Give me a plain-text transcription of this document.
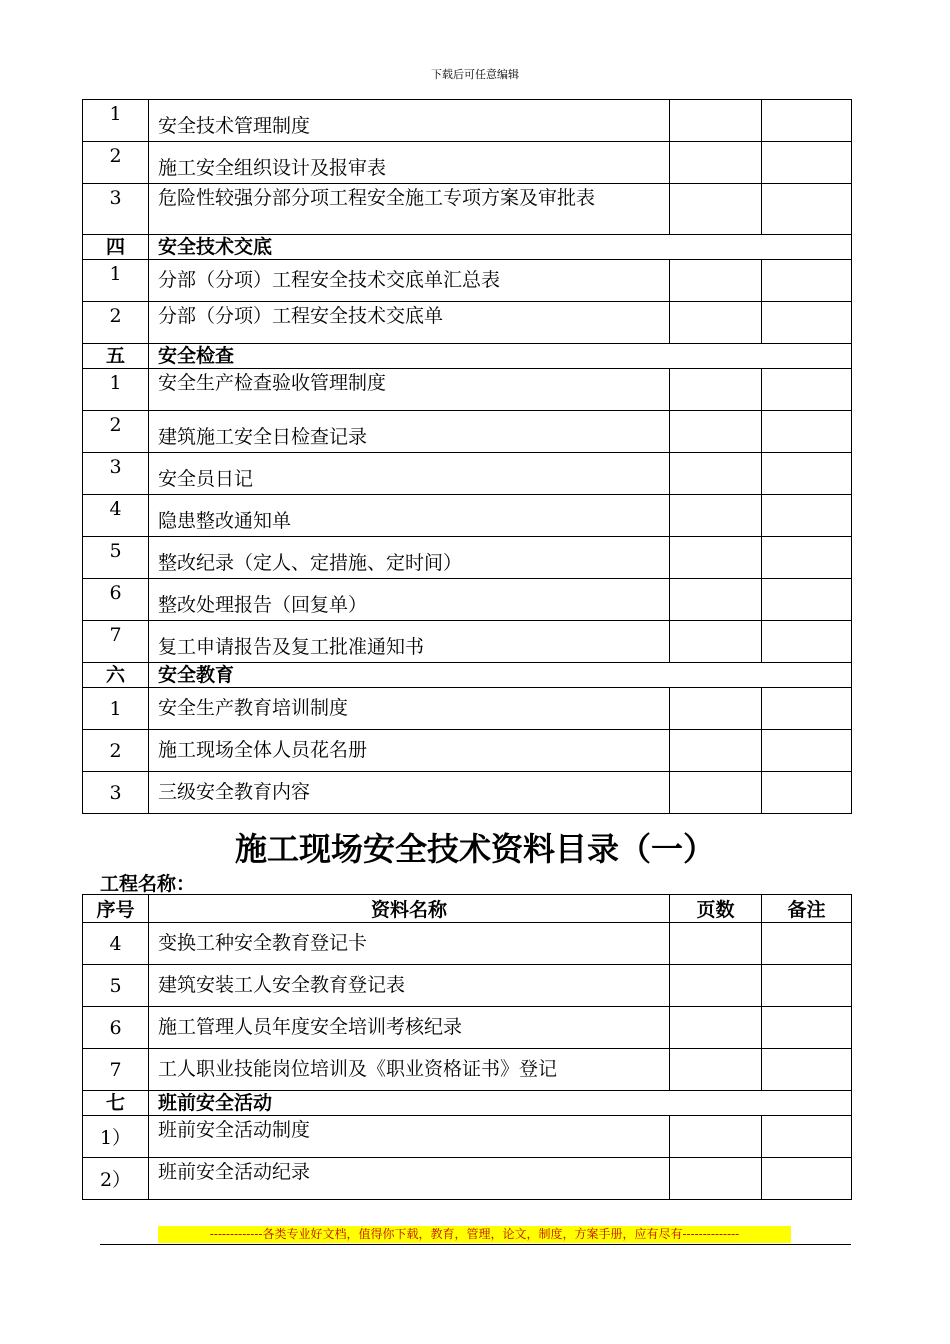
下载后可任意编辑
1	安全技术管理制度		
2	施工安全组织设计及报审表		
3	危险性较强分部分项工程安全施工专项方案及审批表		
四	安全技术交底		
1	分部（分项）工程安全技术交底单汇总表		
2	分部（分项）工程安全技术交底单		
五	安全检查		
1	安全生产检查验收管理制度		
2	建筑施工安全日检查记录		
3	安全员日记		
4	隐患整改通知单		
5	整改纪录（定人、定措施、定时间）		
6	整改处理报告（回复单）		
7	复工申请报告及复工批准通知书		
六	安全教育		
1	安全生产教育培训制度		
2	施工现场全体人员花名册		
3	三级安全教育内容		
施工现场安全技术资料目录（一）
工程名称：
序号	资料名称	页数	备注
4	变换工种安全教育登记卡		
5	建筑安装工人安全教育登记表		
6	施工管理人员年度安全培训考核纪录		
7	工人职业技能岗位培训及《职业资格证书》登记		
七	班前安全活动		
1）	班前安全活动制度		
2）	班前安全活动纪录		
-------------各类专业好文档，值得你下载，教育，管理，论文，制度，方案手册，应有尽有--------------
